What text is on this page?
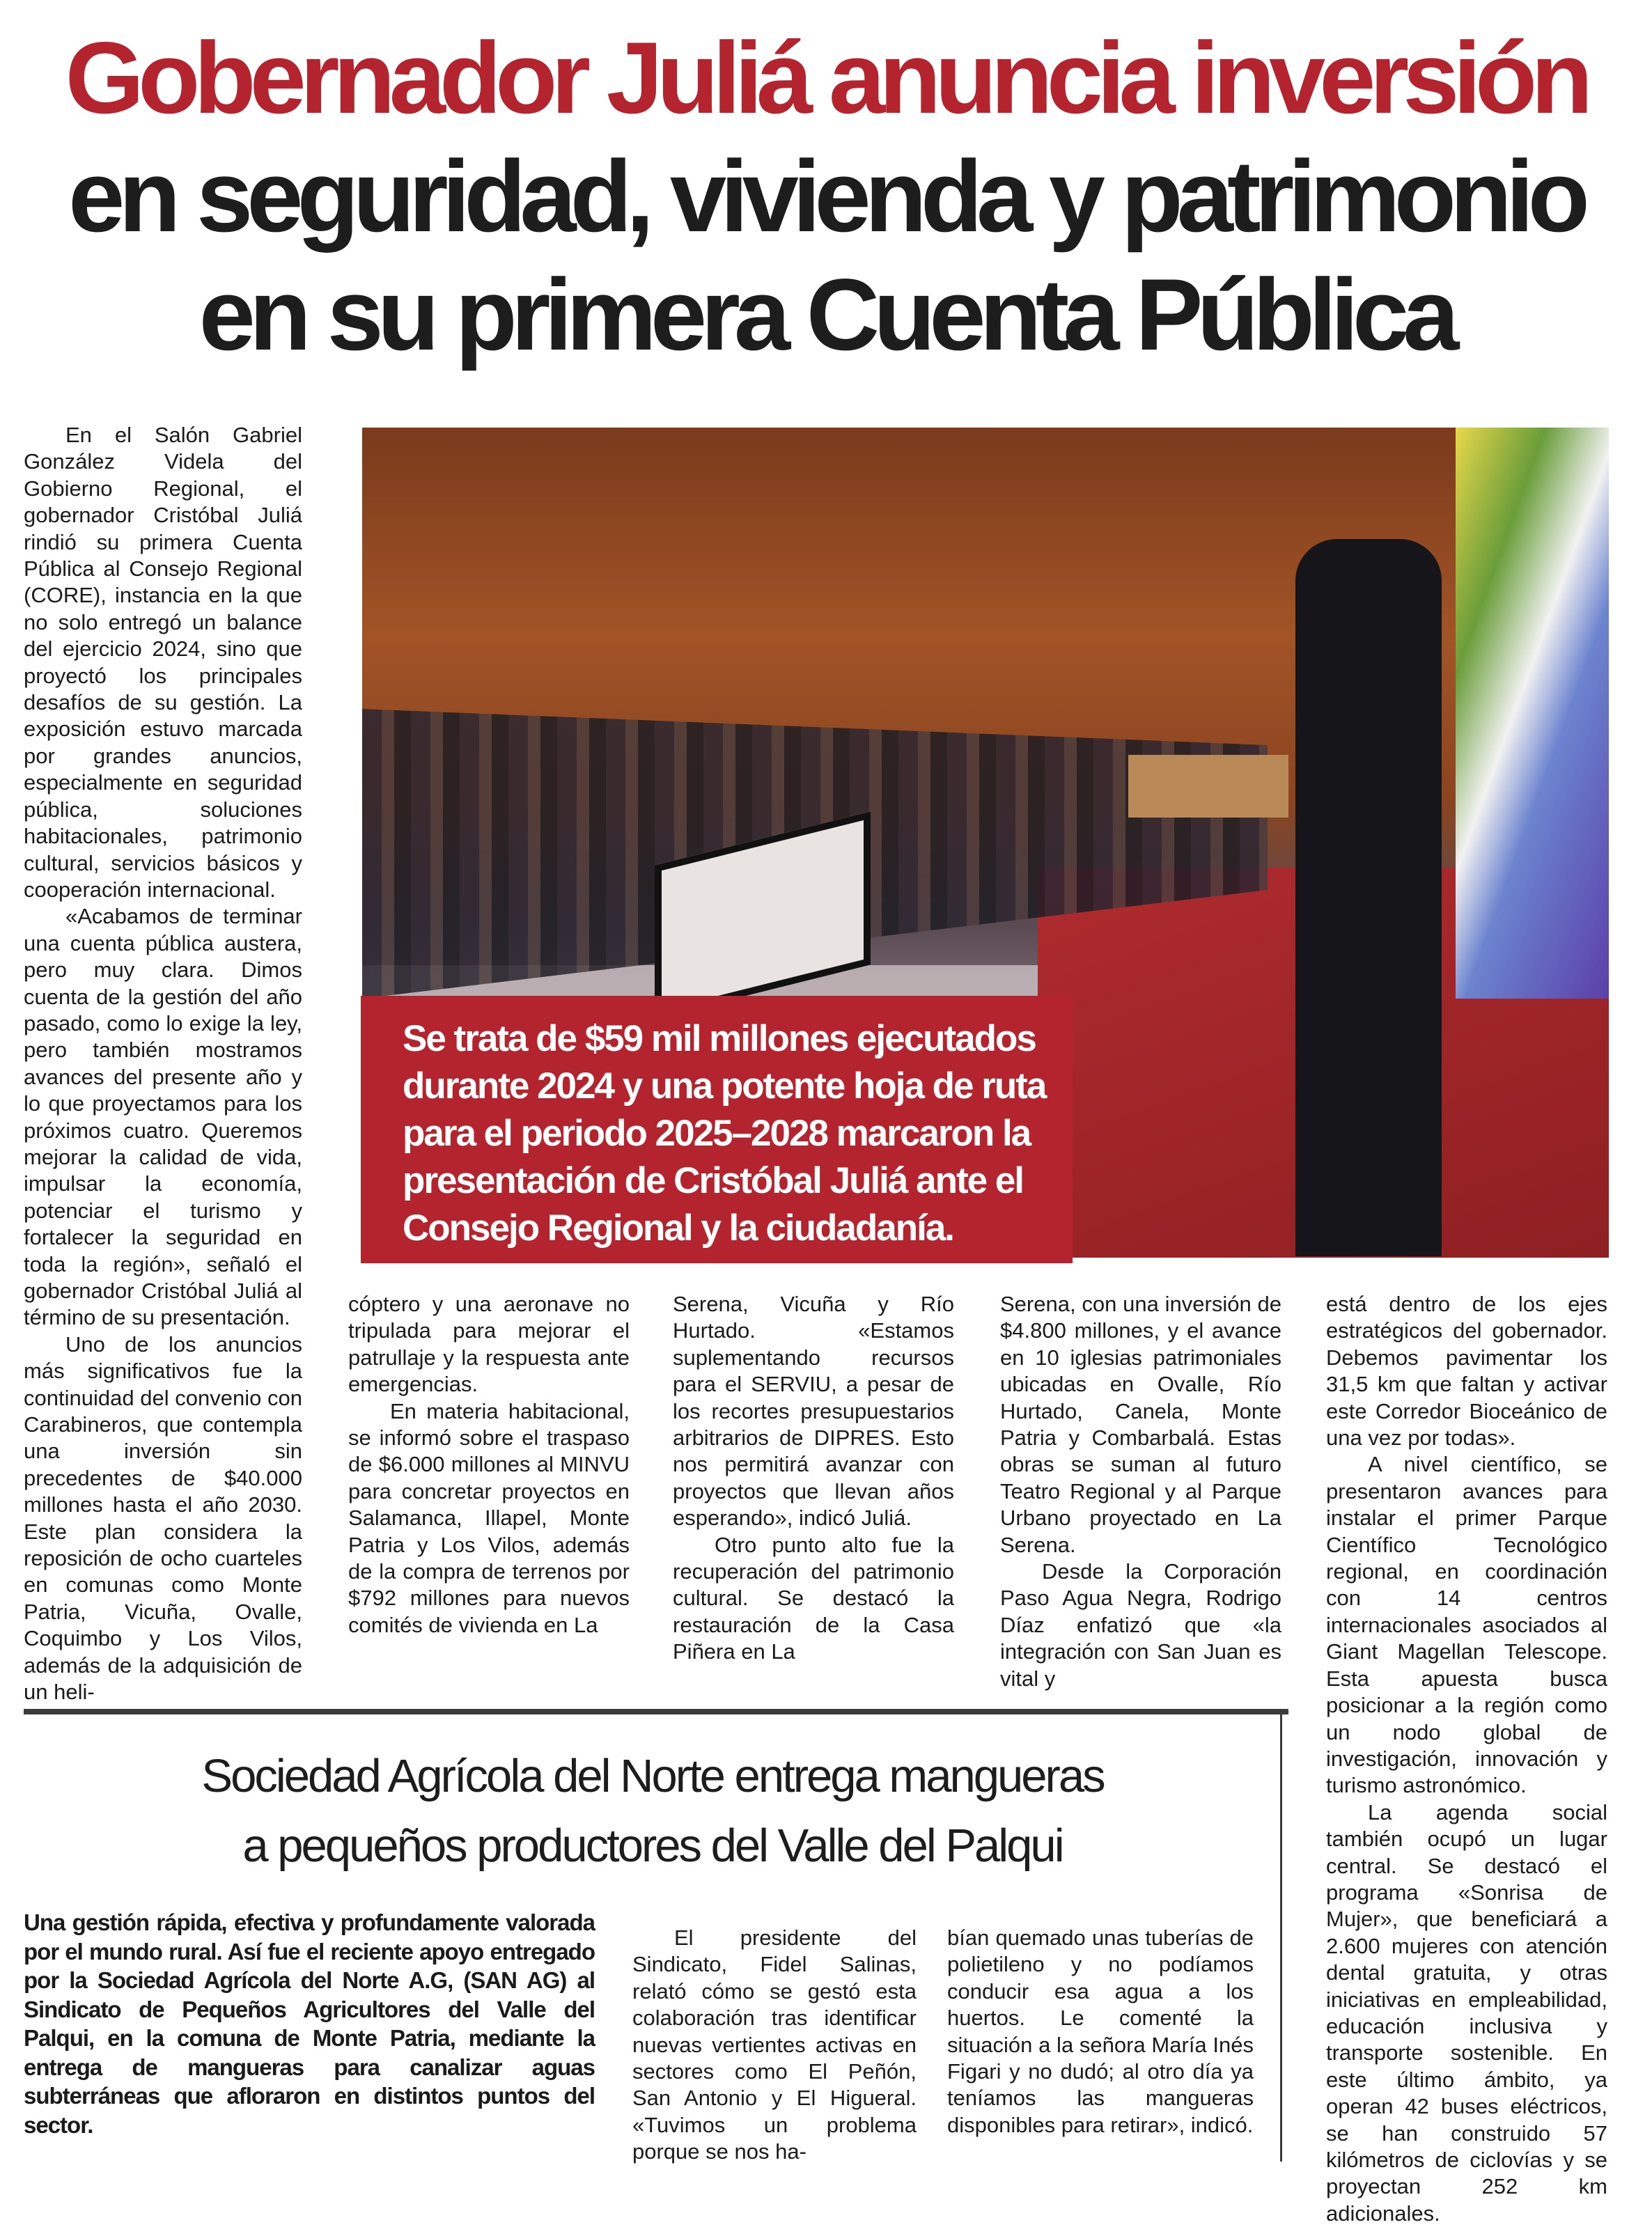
Gobernador Juliá anuncia inversión
en seguridad, vivienda y patrimonio
en su primera Cuenta Pública
Se trata de $59 mil millones ejecutados durante 2024 y una potente hoja de ruta para el periodo 2025–2028 marcaron la presentación de Cristóbal Juliá ante el Consejo Regional y la ciudadanía.

En el Salón Gabriel González Videla del Gobierno Regional, el gobernador Cristóbal Juliá rindió su primera Cuenta Pública al Consejo Regional (CORE), instancia en la que no solo entregó un balance del ejercicio 2024, sino que proyectó los principales desafíos de su gestión. La exposición estuvo marcada por grandes anuncios, especialmente en seguridad pública, soluciones habitacionales, patrimonio cultural, servicios básicos y cooperación internacional.

«Acabamos de terminar una cuenta pública austera, pero muy clara. Dimos cuenta de la gestión del año pasado, como lo exige la ley, pero también mostramos avances del presente año y lo que proyectamos para los próximos cuatro. Queremos mejorar la calidad de vida, impulsar la economía, potenciar el turismo y fortalecer la seguridad en toda la región», señaló el gobernador Cristóbal Juliá al término de su presentación.

Uno de los anuncios más significativos fue la continuidad del convenio con Carabineros, que contempla una inversión sin precedentes de $40.000 millones hasta el año 2030. Este plan considera la reposición de ocho cuarteles en comunas como Monte Patria, Vicuña, Ovalle, Coquimbo y Los Vilos, además de la adquisición de un heli-

cóptero y una aeronave no tripulada para mejorar el patrullaje y la respuesta ante emergencias.

En materia habitacional, se informó sobre el traspaso de $6.000 millones al MINVU para concretar proyectos en Salamanca, Illapel, Monte Patria y Los Vilos, además de la compra de terrenos por $792 millones para nuevos comités de vivienda en La

Serena, Vicuña y Río Hurtado. «Estamos suplementando recursos para el SERVIU, a pesar de los recortes presupuestarios arbitrarios de DIPRES. Esto nos permitirá avanzar con proyectos que llevan años esperando», indicó Juliá.

Otro punto alto fue la recuperación del patrimonio cultural. Se destacó la restauración de la Casa Piñera en La

Serena, con una inversión de $4.800 millones, y el avance en 10 iglesias patrimoniales ubicadas en Ovalle, Río Hurtado, Canela, Monte Patria y Combarbalá. Estas obras se suman al futuro Teatro Regional y al Parque Urbano proyectado en La Serena.

Desde la Corporación Paso Agua Negra, Rodrigo Díaz enfatizó que «la integración con San Juan es vital y

está dentro de los ejes estratégicos del gobernador. Debemos pavimentar los 31,5 km que faltan y activar este Corredor Bioceánico de una vez por todas».

A nivel científico, se presentaron avances para instalar el primer Parque Científico Tecnológico regional, en coordinación con 14 centros internacionales asociados al Giant Magellan Telescope. Esta apuesta busca posicionar a la región como un nodo global de investigación, innovación y turismo astronómico.

La agenda social también ocupó un lugar central. Se destacó el programa «Sonrisa de Mujer», que beneficiará a 2.600 mujeres con atención dental gratuita, y otras iniciativas en empleabilidad, educación inclusiva y transporte sostenible. En este último ámbito, ya operan 42 buses eléctricos, se han construido 57 kilómetros de ciclovías y se proyectan 252 km adicionales.

Sociedad Agrícola del Norte entrega mangueras
a pequeños productores del Valle del Palqui

Una gestión rápida, efectiva y profundamente valorada por el mundo rural. Así fue el reciente apoyo entregado por la Sociedad Agrícola del Norte A.G, (SAN AG) al Sindicato de Pequeños Agricultores del Valle del Palqui, en la comuna de Monte Patria, mediante la entrega de mangueras para canalizar aguas subterráneas que afloraron en distintos puntos del sector.

El presidente del Sindicato, Fidel Salinas, relató cómo se gestó esta colaboración tras identificar nuevas vertientes activas en sectores como El Peñón, San Antonio y El Higueral. «Tuvimos un problema porque se nos ha-

bían quemado unas tuberías de polietileno y no podíamos conducir esa agua a los huertos. Le comenté la situación a la señora María Inés Figari y no dudó; al otro día ya teníamos las mangueras disponibles para retirar», indicó.
